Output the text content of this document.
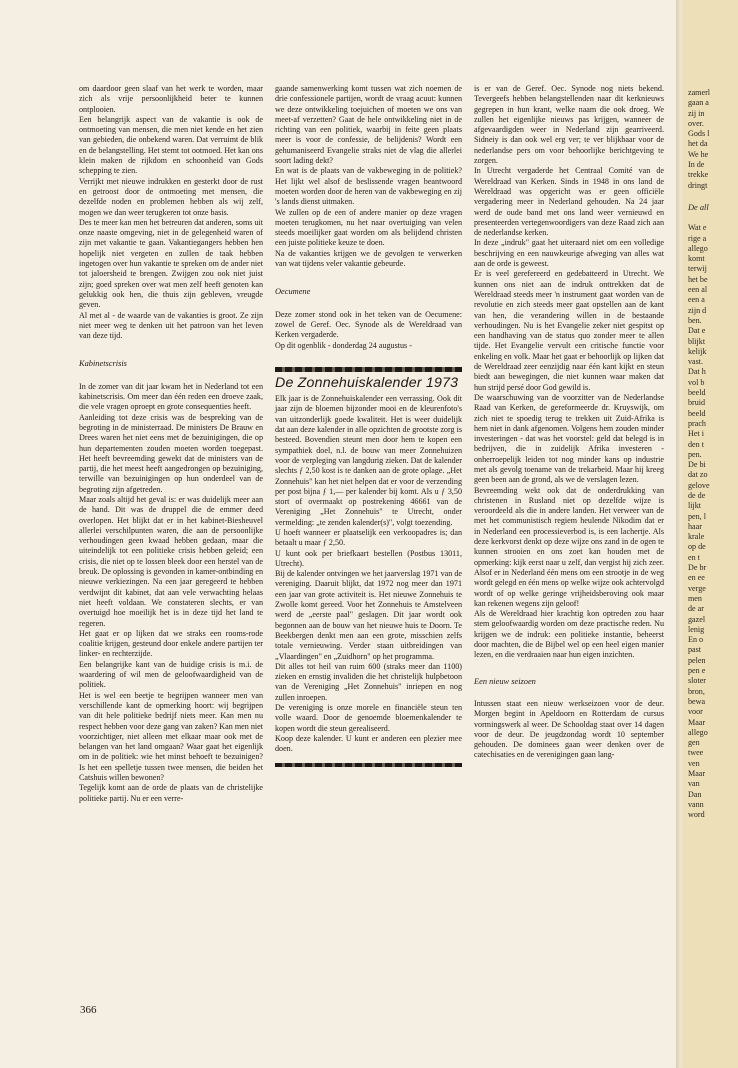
om daardoor geen slaaf van het werk te worden, maar zich als vrije persoonlijkheid beter te kunnen ontplooien.

Een belangrijk aspect van de vakantie is ook de ontmoeting van mensen, die men niet kende en het zien van gebieden, die onbekend waren. Dat verruimt de blik en de belangstelling. Het stemt tot ootmoed. Het kan ons klein maken de rijkdom en schoonheid van Gods schepping te zien.

Verrijkt met nieuwe indrukken en gesterkt door de rust en getroost door de ontmoeting met mensen, die dezelfde noden en problemen hebben als wij zelf, mogen we dan weer terugkeren tot onze basis.

Des te meer kan men het betreuren dat anderen, soms uit onze naaste omgeving, niet in de gelegenheid waren of zijn met vakantie te gaan. Vakantiegangers hebben hen hopelijk niet vergeten en zullen de taak hebben ingetogen over hun vakantie te spreken om de ander niet tot jaloersheid te brengen. Zwijgen zou ook niet juist zijn; goed spreken over wat men zelf heeft genoten kan gelukkig ook hen, die thuis zijn gebleven, vreugde geven.

Al met al - de waarde van de vakanties is groot. Ze zijn niet meer weg te denken uit het patroon van het leven van deze tijd.

Kabinetscrisis

In de zomer van dit jaar kwam het in Nederland tot een kabinetscrisis. Om meer dan één reden een droeve zaak, die vele vragen oproept en grote consequenties heeft.

Aanleiding tot deze crisis was de bespreking van de begroting in de ministerraad. De ministers De Brauw en Drees waren het niet eens met de bezuinigingen, die op hun departementen zouden moeten worden toegepast. Het heeft bevreemding gewekt dat de ministers van de partij, die het meest heeft aangedrongen op bezuiniging, terwille van bezuinigingen op hun onderdeel van de begroting zijn afgetreden.

Maar zoals altijd het geval is: er was duidelijk meer aan de hand. Dit was de druppel die de emmer deed overlopen. Het blijkt dat er in het kabinet-Biesheuvel allerlei verschilpunten waren, die aan de persoonlijke verhoudingen geen kwaad hebben gedaan, maar die uiteindelijk tot een politieke crisis hebben geleid; een crisis, die niet op te lossen bleek door een herstel van de breuk. De oplossing is gevonden in kamer-ontbinding en nieuwe verkiezingen. Na een jaar geregeerd te hebben verdwijnt dit kabinet, dat aan vele verwachting helaas niet heeft voldaan. We constateren slechts, er van overtuigd hoe moeilijk het is in deze tijd het land te regeren.

Het gaat er op lijken dat we straks een rooms-rode coalitie krijgen, gesteund door enkele andere partijen ter linker- en rechterzijde.

Een belangrijke kant van de huidige crisis is m.i. de waardering of wil men de geloofwaardigheid van de politiek.

Het is wel een beetje te begrijpen wanneer men van verschillende kant de opmerking hoort: wij begrijpen van dit hele politieke bedrijf niets meer. Kan men nu respect hebben voor deze gang van zaken? Kan men niet voorzichtiger, niet alleen met elkaar maar ook met de belangen van het land omgaan? Waar gaat het eigenlijk om in de politiek: wie het minst behoeft te bezuinigen? Is het een spelletje tussen twee mensen, die beiden het Catshuis willen bewonen?

Tegelijk komt aan de orde de plaats van de christelijke politieke partij. Nu er een verre-

gaande samenwerking komt tussen wat zich noemen de drie confessionele partijen, wordt de vraag acuut: kunnen we deze ontwikkeling toejuichen of moeten we ons van meet-af verzetten? Gaat de hele ontwikkeling niet in de richting van een politiek, waarbij in feite geen plaats meer is voor de confessie, de belijdenis? Wordt een gehumaniseerd Evangelie straks niet de vlag die allerlei soort lading dekt?

En wat is de plaats van de vakbeweging in de politiek? Het lijkt wel alsof de beslissende vragen beantwoord moeten worden door de heren van de vakbeweging en zij 's lands dienst uitmaken.

We zullen op de een of andere manier op deze vragen moeten terugkomen, nu het naar overtuiging van velen steeds moeilijker gaat worden om als belijdend christen een juiste politieke keuze te doen.

Na de vakanties krijgen we de gevolgen te verwerken van wat tijdens veler vakantie gebeurde.

Oecumene

Deze zomer stond ook in het teken van de Oecumene: zowel de Geref. Oec. Synode als de Wereldraad van Kerken vergaderde.

Op dit ogenblik - donderdag 24 augustus -

De Zonnehuiskalender 1973

Elk jaar is de Zonnehuiskalender een verrassing. Ook dit jaar zijn de bloemen bijzonder mooi en de kleurenfoto's van uitzonderlijk goede kwaliteit. Het is weer duidelijk dat aan deze kalender in alle opzichten de grootste zorg is besteed. Bovendien steunt men door hem te kopen een sympathiek doel, n.l. de bouw van meer Zonnehuizen voor de verpleging van langdurig zieken. Dat de kalender slechts ƒ 2,50 kost is te danken aan de grote oplage. „Het Zonnehuis" kan het niet helpen dat er voor de verzending per post bijna ƒ 1,— per kalender bij komt. Als u ƒ 3,50 stort of overmaakt op postrekening 46661 van de Vereniging „Het Zonnehuis" te Utrecht, onder vermelding: „te zenden kalender(s)", volgt toezending.

U hoeft wanneer er plaatselijk een verkoopadres is; dan betaalt u maar ƒ 2,50.

U kunt ook per briefkaart bestellen (Postbus 13011, Utrecht).

Bij de kalender ontvingen we het jaarverslag 1971 van de vereniging. Daaruit blijkt, dat 1972 nog meer dan 1971 een jaar van grote activiteit is. Het nieuwe Zonnehuis te Zwolle komt gereed. Voor het Zonnehuis te Amstelveen werd de „eerste paal" geslagen. Dit jaar wordt ook begonnen aan de bouw van het nieuwe huis te Doorn. Te Beekbergen denkt men aan een grote, misschien zelfs totale vernieuwing. Verder staan uitbreidingen van „Vlaardingen" en „Zuidhorn" op het programma.

Dit alles tot heil van ruim 600 (straks meer dan 1100) zieken en ernstig invaliden die het christelijk hulpbetoon van de Vereniging „Het Zonnehuis" inriepen en nog zullen inroepen.

De vereniging is onze morele en financiële steun ten volle waard. Door de genoemde bloemenkalender te kopen wordt die steun gerealiseerd.

Koop deze kalender. U kunt er anderen een plezier mee doen.

is er van de Geref. Oec. Synode nog niets bekend. Tevergeefs hebben belangstellenden naar dit kerknieuws gegrepen in hun krant, welke naam die ook droeg. We zullen het eigenlijke nieuws pas krijgen, wanneer de afgevaardigden weer in Nederland zijn gearriveerd. Sidneiy is dan ook wel erg ver; te ver blijkbaar voor de nederlandse pers om voor behoorlijke berichtgeving te zorgen.

In Utrecht vergaderde het Centraal Comité van de Wereldraad van Kerken. Sinds in 1948 in ons land de Wereldraad was opgericht was er geen officiële vergadering meer in Nederland gehouden. Na 24 jaar werd de oude band met ons land weer vernieuwd en presenteerden vertegenwoordigers van deze Raad zich aan de nederlandse kerken.

In deze „indruk" gaat het uiteraard niet om een volledige beschrijving en een nauwkeurige afweging van alles wat aan de orde is geweest.

Er is veel gerefereerd en gedebatteerd in Utrecht. We kunnen ons niet aan de indruk onttrekken dat de Wereldraad steeds meer 'n instrument gaat worden van de revolutie en zich steeds meer gaat opstellen aan de kant van hen, die verandering willen in de bestaande verhoudingen. Nu is het Evangelie zeker niet gespitst op een handhaving van de status quo zonder meer te allen tijde. Het Evangelie vervult een critische functie voor enkeling en volk. Maar het gaat er behoorlijk op lijken dat de Wereldraad zeer eenzijdig naar één kant kijkt en steun biedt aan bewegingen, die niet kunnen waar maken dat hun strijd persé door God gewild is.

De waarschuwing van de voorzitter van de Nederlandse Raad van Kerken, de gereformeerde dr. Kruyswijk, om zich niet te spoedig terug te trekken uit Zuid-Afrika is hem niet in dank afgenomen. Volgens hem zouden minder investeringen - dat was het voorstel: geld dat belegd is in bedrijven, die in zuidelijk Afrika investeren - onherroepelijk leiden tot nog minder kans op industrie met als gevolg toename van de trekarbeid. Maar hij kreeg geen been aan de grond, als we de verslagen lezen.

Bevreemding wekt ook dat de onderdrukking van christenen in Rusland niet op dezelfde wijze is veroordeeld als die in andere landen. Het verweer van de met het communistisch regiem heulende Nikodim dat er in Nederland een processieverbod is, is een lachertje. Als deze kerkvorst denkt op deze wijze ons zand in de ogen te kunnen strooien en ons zoet kan houden met de opmerking: kijk eerst naar u zelf, dan vergist hij zich zeer. Alsof er in Nederland één mens om een strootje in de weg wordt gelegd en één mens op welke wijze ook achtervolgd wordt of op welke geringe vrijheidsberoving ook maar kan rekenen wegens zijn geloof!

Als de Wereldraad hier krachtig kon optreden zou haar stem geloofwaardig worden om deze practische reden. Nu krijgen we de indruk: een politieke instantie, beheerst door machten, die de Bijbel wel op een heel eigen manier lezen, en die verdraaien naar hun eigen inzichten.

Een nieuw seizoen

Intussen staat een nieuw werkseizoen voor de deur. Morgen begint in Apeldoorn en Rotterdam de cursus vormingswerk al weer. De Schooldag staat over 14 dagen voor de deur. De jeugdzondag wordt 10 september gehouden. De dominees gaan weer denken over de catechisaties en de verenigingen gaan lang-

366

zamerl

gaan a

zij in

over.

Gods l

het da

We he

In de

trekke

dringt

De all

Wat e

rige a

allego

komt

terwij

het be

een al

een a

zijn d

ben.

Dat e

blijkt

kelijk

vast.

Dat h

vol b

beeld

bruid

beeld

prach

Het i

den t

pen.

De bi

dat zo

gelove

de de

lijkt

pen, l

haar

krale

op de

en t

De br

en ee

verge

men

de ar

gazel

lenig

En o

past

pelen

pen e

sloter

bron,

bewa

voor

Maar

allego

gen

twee

ven

Maar

van

Dan

vann

word
